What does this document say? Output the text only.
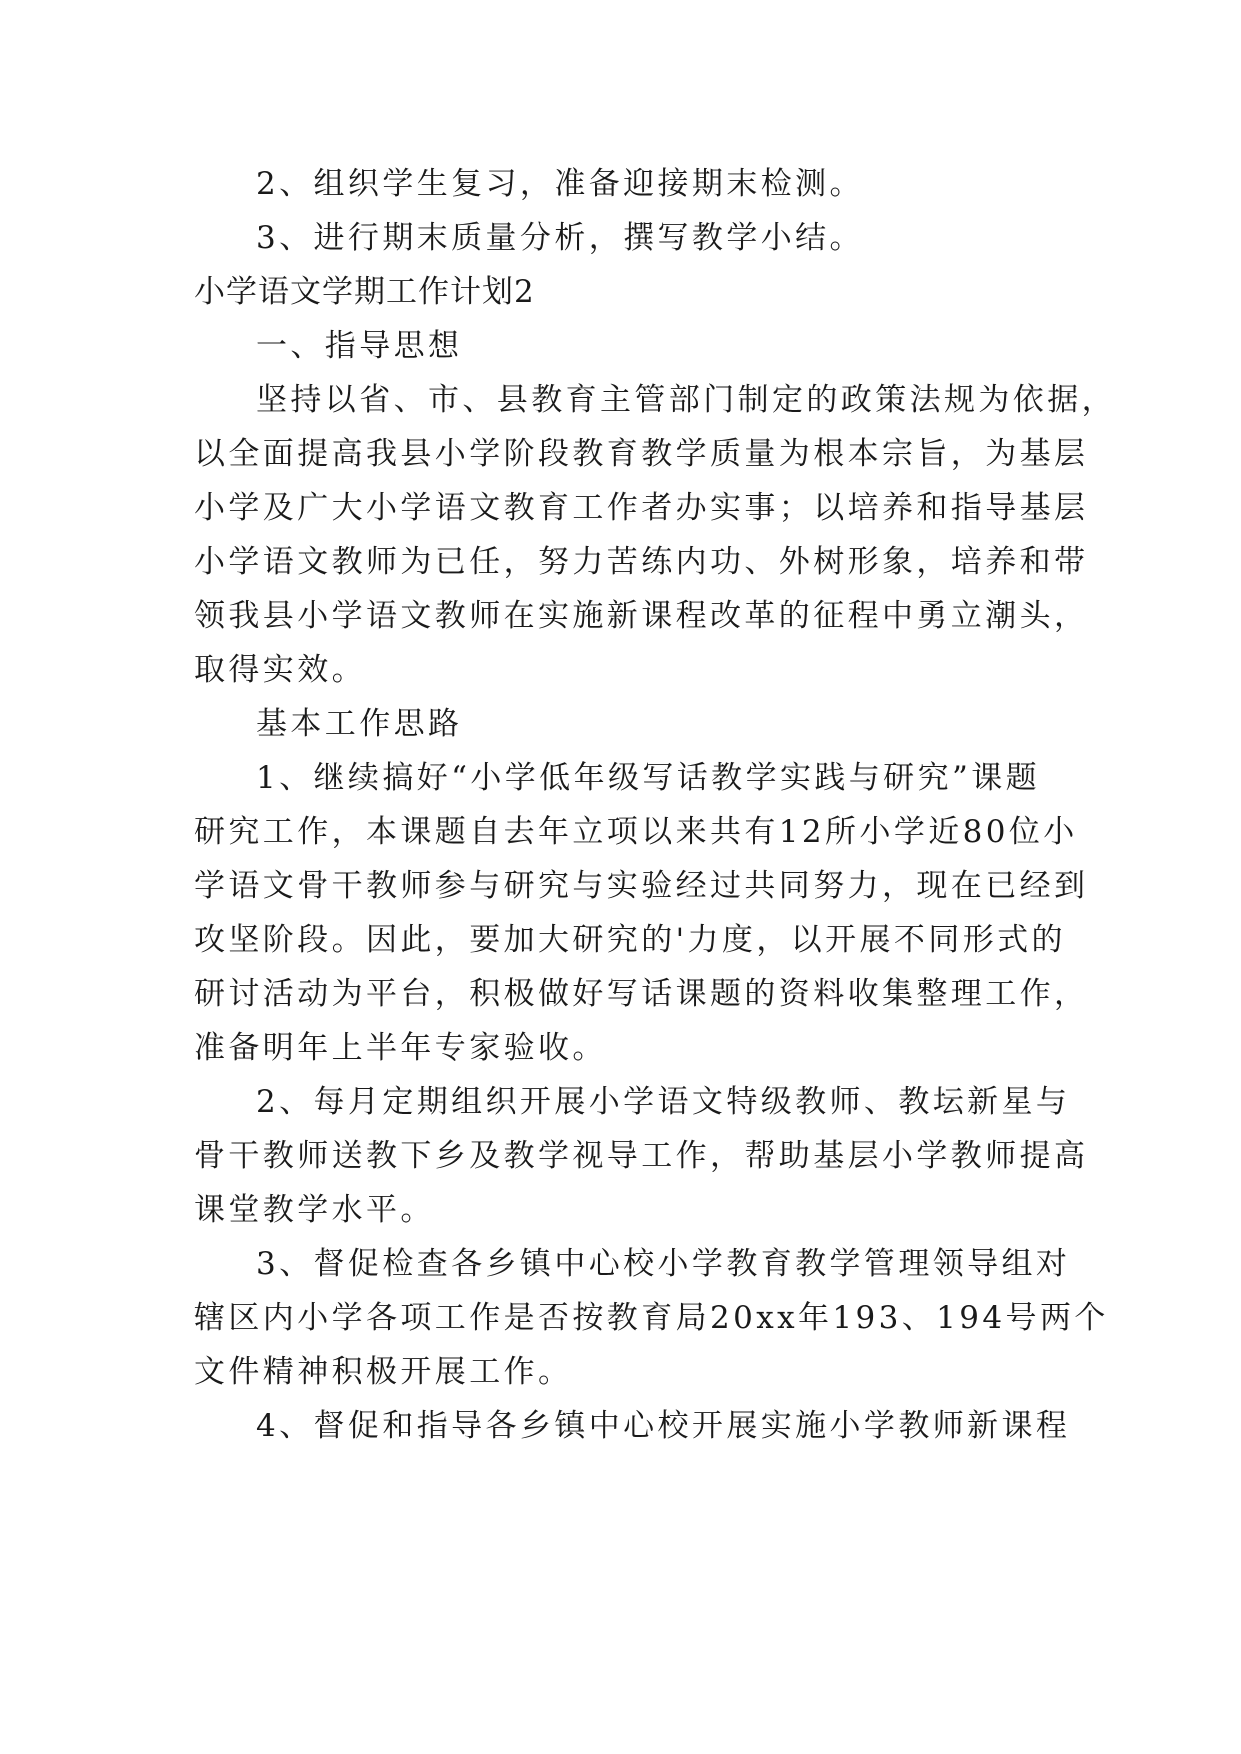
2、组织学生复习，准备迎接期末检测。
3、进行期末质量分析，撰写教学小结。
小学语文学期工作计划2
一、指导思想
坚持以省、市、县教育主管部门制定的政策法规为依据，
以全面提高我县小学阶段教育教学质量为根本宗旨，为基层
小学及广大小学语文教育工作者办实事；以培养和指导基层
小学语文教师为已任，努力苦练内功、外树形象，培养和带
领我县小学语文教师在实施新课程改革的征程中勇立潮头，
取得实效。
基本工作思路
1、继续搞好“小学低年级写话教学实践与研究”课题
研究工作，本课题自去年立项以来共有12所小学近80位小
学语文骨干教师参与研究与实验经过共同努力，现在已经到
攻坚阶段。因此，要加大研究的'力度，以开展不同形式的
研讨活动为平台，积极做好写话课题的资料收集整理工作，
准备明年上半年专家验收。
2、每月定期组织开展小学语文特级教师、教坛新星与
骨干教师送教下乡及教学视导工作，帮助基层小学教师提高
课堂教学水平。
3、督促检查各乡镇中心校小学教育教学管理领导组对
辖区内小学各项工作是否按教育局20xx年193、194号两个
文件精神积极开展工作。
4、督促和指导各乡镇中心校开展实施小学教师新课程
